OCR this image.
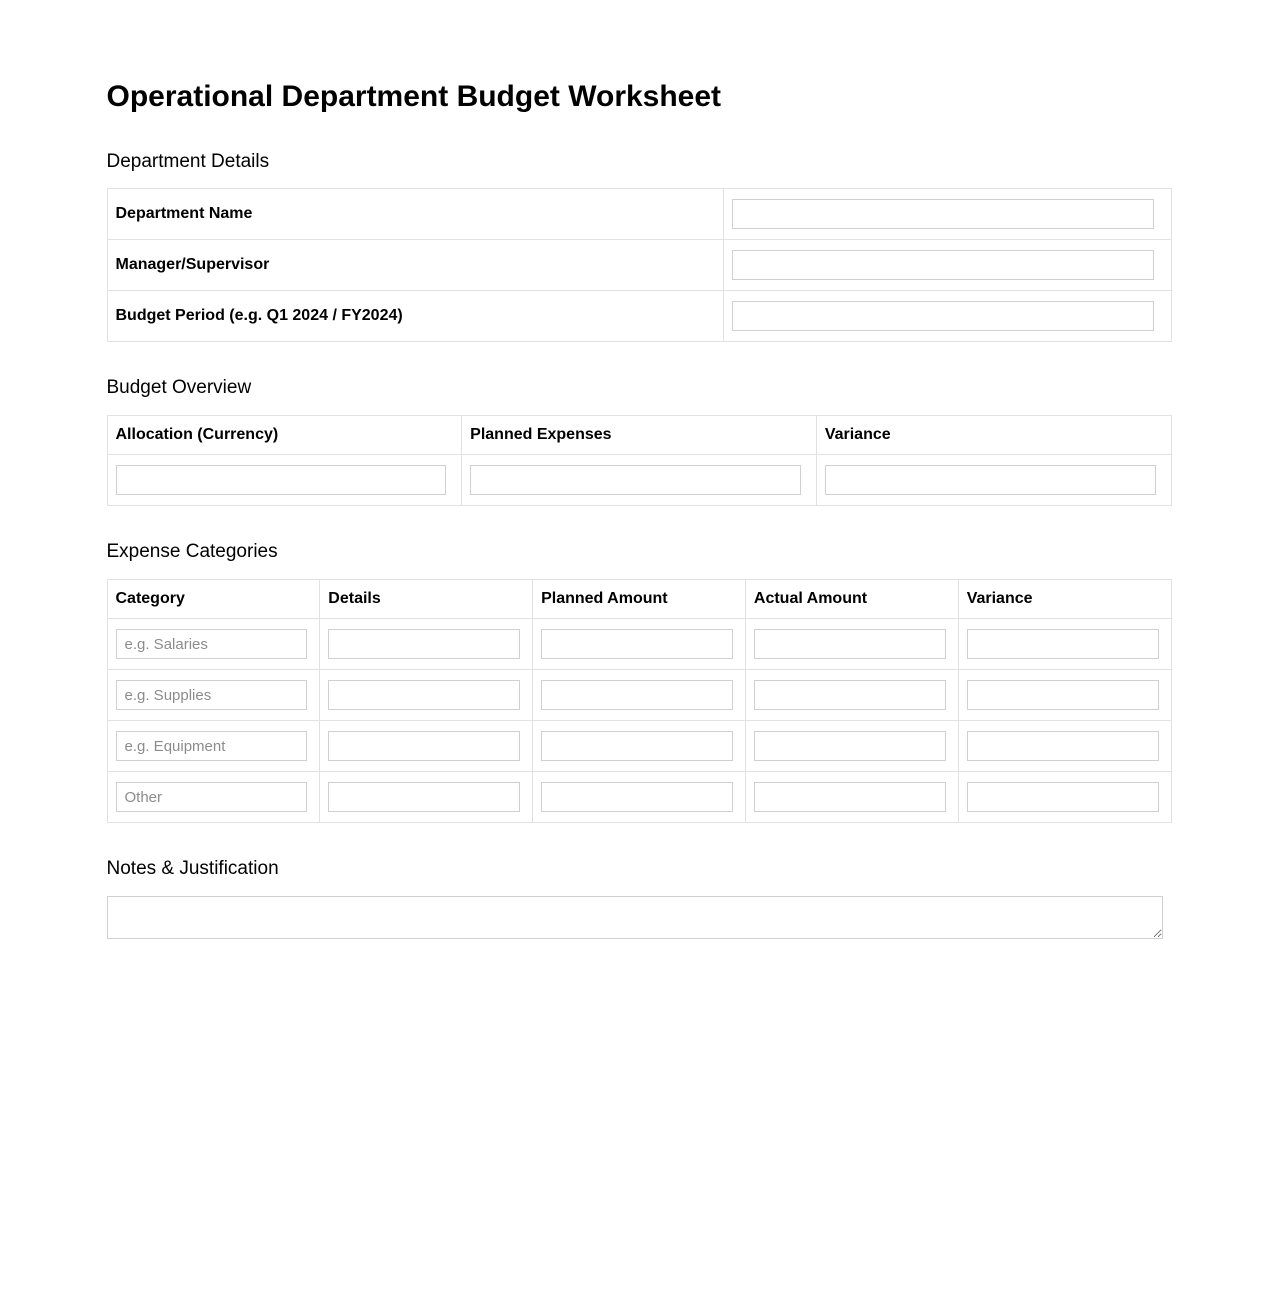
Operational Department Budget Worksheet
Department Details
Department Name	

Manager/Supervisor	

Budget Period (e.g. Q1 2024 / FY2024)	
Budget Overview
Allocation (Currency)	Planned Expenses	Variance

Expense Categories
Category	Details	Planned Amount	Actual Amount	Variance

e.g. Salaries	

e.g. Supplies	

e.g. Equipment	

Other	

Notes & Justification
